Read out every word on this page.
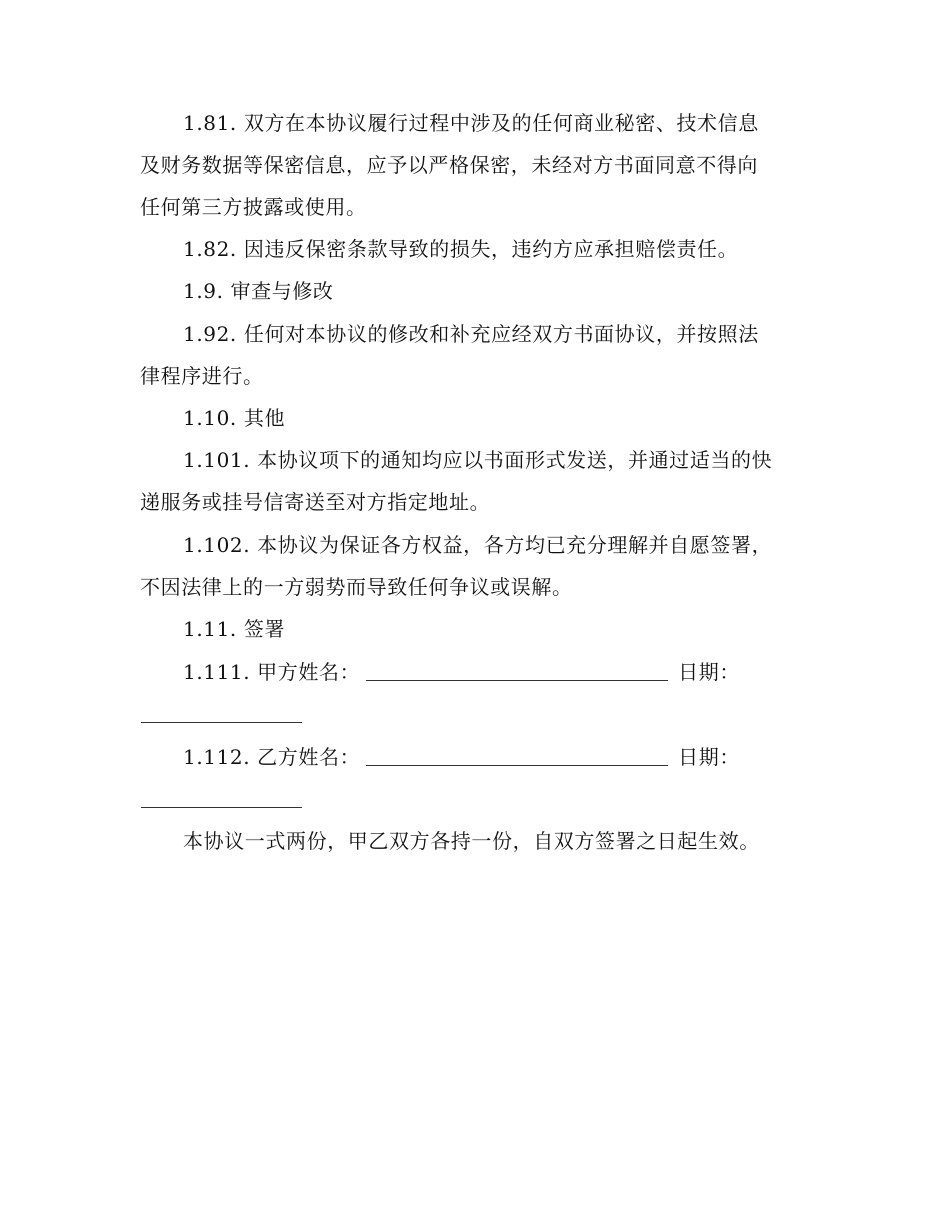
1.81. 双方在本协议履行过程中涉及的任何商业秘密、技术信息
及财务数据等保密信息，应予以严格保密，未经对方书面同意不得向
任何第三方披露或使用。
1.82. 因违反保密条款导致的损失，违约方应承担赔偿责任。
1.9. 审查与修改
1.92. 任何对本协议的修改和补充应经双方书面协议，并按照法
律程序进行。
1.10. 其他
1.101. 本协议项下的通知均应以书面形式发送，并通过适当的快
递服务或挂号信寄送至对方指定地址。
1.102. 本协议为保证各方权益，各方均已充分理解并自愿签署，
不因法律上的一方弱势而导致任何争议或误解。
1.11. 签署
1.111. 甲方姓名：	日期：
1.112. 乙方姓名：	日期：
本协议一式两份，甲乙双方各持一份，自双方签署之日起生效。
